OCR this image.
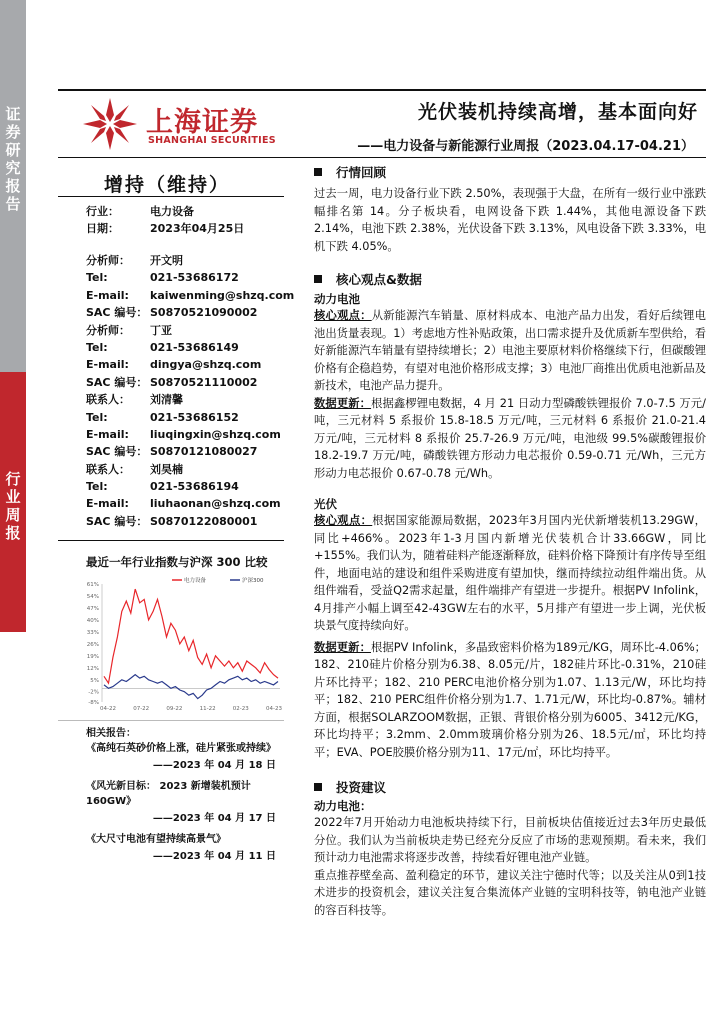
证券研究报告
行业周报
上海证券
SHANGHAI SECURITIES
光伏装机持续高增，基本面向好
——电力设备与新能源行业周报（2023.04.17-04.21）
增持（维持）
行业：	电力设备
日期：	2023年04月25日
分析师： 开文明
Tel:	021-53686172
E-mail: kaiwenming@shzq.com
SAC 编号： S0870521090002
分析师： 丁亚
Tel:	021-53686149
E-mail: dingya@shzq.com
SAC 编号： S0870521110002
联系人： 刘清馨
Tel:	021-53686152
E-mail: liuqingxin@shzq.com
SAC 编号： S0870121080027
联系人： 刘昊楠
Tel:	021-53686194
E-mail: liuhaonan@shzq.com
SAC 编号： S0870122080001
最近一年行业指数与沪深 300 比较
-8%
-2%
5%
12%
19%
26%
33%
40%
47%
54%
61%
04-22	07-22	09-22	11-22	02-23	04-23
电力设备	沪深300
相关报告：
《高纯石英砂价格上涨，硅片紧张或持续》
——2023 年 04 月 18 日
《风光新目标： 2023 新增装机预计160GW》
——2023 年 04 月 17 日
《大尺寸电池有望持续高景气》
——2023 年 04 月 11 日
行情回顾
过去一周，电力设备行业下跌 2.50%，表现强于大盘，在所有一级行业中涨跌幅排名第 14。分子板块看，电网设备下跌 1.44%，其他电源设备下跌 2.14%，电池下跌 2.38%，光伏设备下跌 3.13%，风电设备下跌 3.33%，电机下跌 4.05%。
核心观点&数据
动力电池
核心观点：从新能源汽车销量、原材料成本、电池产品力出发，看好后续锂电池出货量表现。1）考虑地方性补贴政策，出口需求提升及优质新车型供给，看好新能源汽车销量有望持续增长；2）电池主要原材料价格继续下行，但碳酸锂价格有企稳趋势，有望对电池价格形成支撑；3）电池厂商推出优质电池新品及新技术，电池产品力提升。
数据更新：根据鑫椤锂电数据，4 月 21 日动力型磷酸铁锂报价 7.0-7.5 万元/吨，三元材料 5 系报价 15.8-18.5 万元/吨，三元材料 6 系报价 21.0-21.4 万元/吨，三元材料 8 系报价 25.7-26.9 万元/吨，电池级 99.5%碳酸锂报价 18.2-19.7 万元/吨，磷酸铁锂方形动力电芯报价 0.59-0.71 元/Wh，三元方形动力电芯报价 0.67-0.78 元/Wh。
光伏
核心观点：根据国家能源局数据，2023年3月国内光伏新增装机13.29GW，同比+466%。2023年1-3月国内新增光伏装机合计33.66GW，同比+155%。我们认为，随着硅料产能逐渐释放，硅料价格下降预计有序传导至组件，地面电站的建设和组件采购进度有望加快，继而持续拉动组件端出货。从组件端看，受益Q2需求起量，组件端排产有望进一步提升。根据PV Infolink，4月排产小幅上调至42-43GW左右的水平，5月排产有望进一步上调，光伏板块景气度持续向好。
数据更新：根据PV Infolink，多晶致密料价格为189元/KG，周环比-4.06%；182、210硅片价格分别为6.38、8.05元/片，182硅片环比-0.31%，210硅片环比持平；182、210 PERC电池价格分别为1.07、1.13元/W，环比均持平；182、210 PERC组件价格分别为1.7、1.71元/W，环比均-0.87%。辅材方面，根据SOLARZOOM数据，正银、背银价格分别为6005、3412元/KG，环比均持平；3.2mm、2.0mm玻璃价格分别为26、18.5元/㎡，环比均持平；EVA、POE胶膜价格分别为11、17元/㎡，环比均持平。
投资建议
动力电池：
2022年7月开始动力电池板块持续下行，目前板块估值接近过去3年历史最低分位。我们认为当前板块走势已经充分反应了市场的悲观预期。看未来，我们预计动力电池需求将逐步改善，持续看好锂电池产业链。
重点推荐壁垒高、盈利稳定的环节，建议关注宁德时代等；以及关注从0到1技术进步的投资机会，建议关注复合集流体产业链的宝明科技等，钠电池产业链的容百科技等。
